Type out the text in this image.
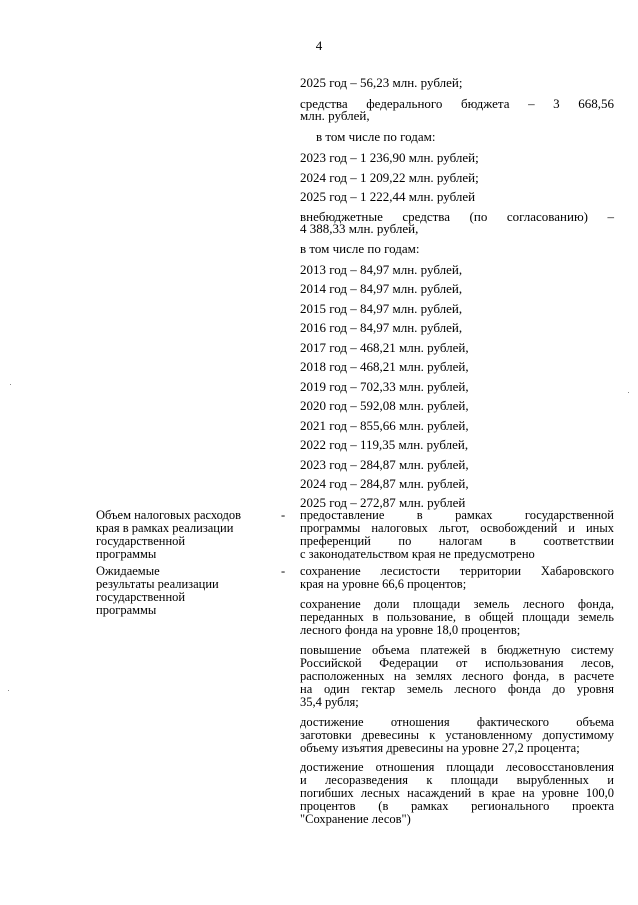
4
2025 год – 56,23 млн. рублей;
средства федерального бюджета – 3 668,56
млн. рублей,
в том числе по годам:
2023 год – 1 236,90 млн. рублей;
2024 год – 1 209,22 млн. рублей;
2025 год – 1 222,44 млн. рублей
внебюджетные средства (по согласованию) –
4 388,33 млн. рублей,
в том числе по годам:
2013 год – 84,97 млн. рублей,
2014 год – 84,97 млн. рублей,
2015 год – 84,97 млн. рублей,
2016 год – 84,97 млн. рублей,
2017 год – 468,21 млн. рублей,
2018 год – 468,21 млн. рублей,
2019 год – 702,33 млн. рублей,
2020 год – 592,08 млн. рублей,
2021 год – 855,66 млн. рублей,
2022 год – 119,35 млн. рублей,
2023 год – 284,87 млн. рублей,
2024 год – 284,87 млн. рублей,
2025 год – 272,87 млн. рублей
Объем налоговых расходов
края в рамках реализации
государственной
программы
- предоставление в рамках государственной
программы налоговых льгот, освобождений и иных
преференций по налогам в соответствии
с законодательством края не предусмотрено
Ожидаемые
результаты реализации
государственной
программы
- сохранение лесистости территории Хабаровского
края на уровне 66,6 процентов;
сохранение доли площади земель лесного фонда,
переданных в пользование, в общей площади земель
лесного фонда на уровне 18,0 процентов;
повышение объема платежей в бюджетную систему
Российской Федерации от использования лесов,
расположенных на землях лесного фонда, в расчете
на один гектар земель лесного фонда до уровня
35,4 рубля;
достижение отношения фактического объема
заготовки древесины к установленному допустимому
объему изъятия древесины на уровне 27,2 процента;
достижение отношения площади лесовосстановления
и лесоразведения к площади вырубленных и
погибших лесных насаждений в крае на уровне 100,0
процентов (в рамках регионального проекта
"Сохранение лесов")
